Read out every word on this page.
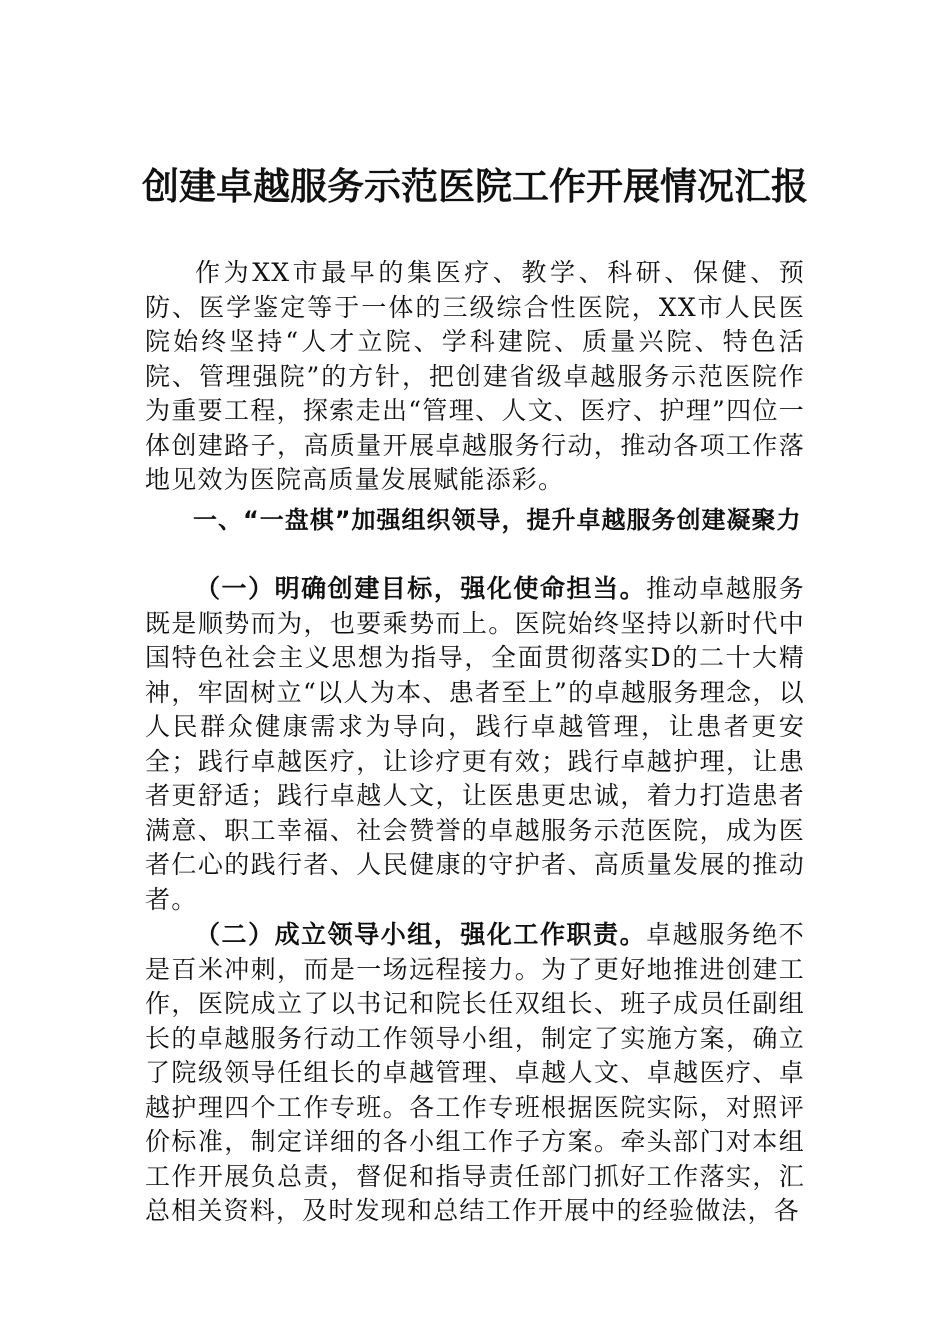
创建卓越服务示范医院工作开展情况汇报

作为XX市最早的集医疗、教学、科研、保健、预防、医学鉴定等于一体的三级综合性医院，XX市人民医院始终坚持“人才立院、学科建院、质量兴院、特色活院、管理强院”的方针，把创建省级卓越服务示范医院作为重要工程，探索走出“管理、人文、医疗、护理”四位一体创建路子，高质量开展卓越服务行动，推动各项工作落地见效为医院高质量发展赋能添彩。

一、“一盘棋”加强组织领导，提升卓越服务创建凝聚力

（一）明确创建目标，强化使命担当。推动卓越服务既是顺势而为，也要乘势而上。医院始终坚持以新时代中国特色社会主义思想为指导，全面贯彻落实D的二十大精神，牢固树立“以人为本、患者至上”的卓越服务理念，以人民群众健康需求为导向，践行卓越管理，让患者更安全；践行卓越医疗，让诊疗更有效；践行卓越护理，让患者更舒适；践行卓越人文，让医患更忠诚，着力打造患者满意、职工幸福、社会赞誉的卓越服务示范医院，成为医者仁心的践行者、人民健康的守护者、高质量发展的推动者。

（二）成立领导小组，强化工作职责。卓越服务绝不是百米冲刺，而是一场远程接力。为了更好地推进创建工作，医院成立了以书记和院长任双组长、班子成员任副组长的卓越服务行动工作领导小组，制定了实施方案，确立了院级领导任组长的卓越管理、卓越人文、卓越医疗、卓越护理四个工作专班。各工作专班根据医院实际，对照评价标准，制定详细的各小组工作子方案。牵头部门对本组工作开展负总责，督促和指导责任部门抓好工作落实，汇总相关资料，及时发现和总结工作开展中的经验做法，各
